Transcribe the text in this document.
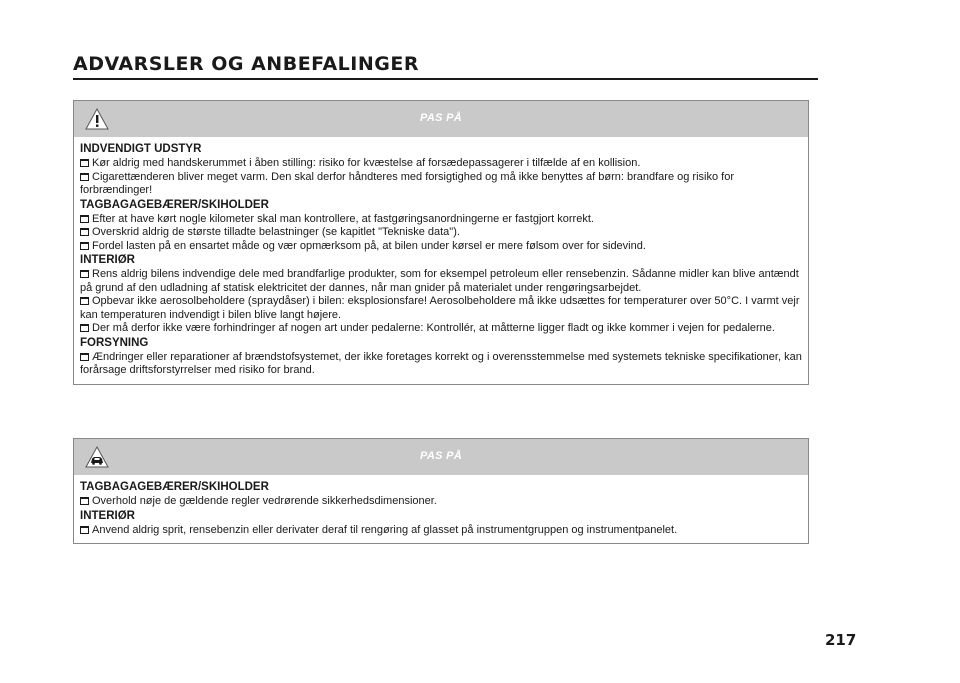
ADVARSLER OG ANBEFALINGER
PAS PÅ
INDVENDIGT UDSTYR

Kør aldrig med handskerummet i åben stilling: risiko for kvæstelse af forsædepassagerer i tilfælde af en kollision.

Cigarettænderen bliver meget varm. Den skal derfor håndteres med forsigtighed og må ikke benyttes af børn: brandfare og risiko for forbrændinger!

TAGBAGAGEBÆRER/SKIHOLDER

Efter at have kørt nogle kilometer skal man kontrollere, at fastgøringsanordningerne er fastgjort korrekt.

Overskrid aldrig de største tilladte belastninger (se kapitlet "Tekniske data").

Fordel lasten på en ensartet måde og vær opmærksom på, at bilen under kørsel er mere følsom over for sidevind.

INTERIØR

Rens aldrig bilens indvendige dele med brandfarlige produkter, som for eksempel petroleum eller rensebenzin. Sådanne midler kan blive antændt på grund af den udladning af statisk elektricitet der dannes, når man gnider på materialet under rengøringsarbejdet.

Opbevar ikke aerosolbeholdere (spraydåser) i bilen: eksplosionsfare! Aerosolbeholdere må ikke udsættes for temperaturer over 50°C. I varmt vejr kan temperaturen indvendigt i bilen blive langt højere.

Der må derfor ikke være forhindringer af nogen art under pedalerne: Kontrollér, at måtterne ligger fladt og ikke kommer i vejen for pedalerne.

FORSYNING

Ændringer eller reparationer af brændstofsystemet, der ikke foretages korrekt og i overensstemmelse med systemets tekniske specifikationer, kan forårsage driftsforstyrrelser med risiko for brand.

PAS PÅ
TAGBAGAGEBÆRER/SKIHOLDER

Overhold nøje de gældende regler vedrørende sikkerhedsdimensioner.

INTERIØR

Anvend aldrig sprit, rensebenzin eller derivater deraf til rengøring af glasset på instrumentgruppen og instrumentpanelet.

217
